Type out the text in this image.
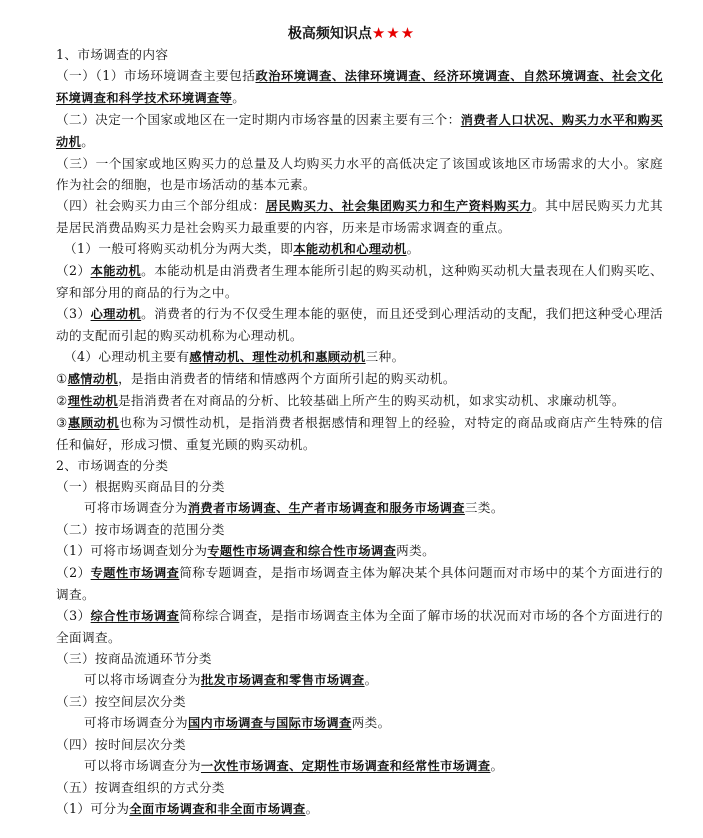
极高频知识点★★★
1、市场调查的内容
（一）（1）市场环境调查主要包括政治环境调查、法律环境调查、经济环境调查、自然环境调查、社会文化环境调查和科学技术环境调查等。
（二）决定一个国家或地区在一定时期内市场容量的因素主要有三个：消费者人口状况、购买力水平和购买动机。
（三）一个国家或地区购买力的总量及人均购买力水平的高低决定了该国或该地区市场需求的大小。家庭作为社会的细胞，也是市场活动的基本元素。
（四）社会购买力由三个部分组成：居民购买力、社会集团购买力和生产资料购买力。其中居民购买力尤其是居民消费品购买力是社会购买力最重要的内容，历来是市场需求调查的重点。
（1）一般可将购买动机分为两大类，即本能动机和心理动机。
（2）本能动机。本能动机是由消费者生理本能所引起的购买动机，这种购买动机大量表现在人们购买吃、穿和部分用的商品的行为之中。
（3）心理动机。消费者的行为不仅受生理本能的驱使，而且还受到心理活动的支配，我们把这种受心理活动的支配而引起的购买动机称为心理动机。
（4）心理动机主要有感情动机、理性动机和惠顾动机三种。
①感情动机，是指由消费者的情绪和情感两个方面所引起的购买动机。
②理性动机是指消费者在对商品的分析、比较基础上所产生的购买动机，如求实动机、求廉动机等。
③惠顾动机也称为习惯性动机，是指消费者根据感情和理智上的经验，对特定的商品或商店产生特殊的信任和偏好，形成习惯、重复光顾的购买动机。
2、市场调查的分类
（一）根据购买商品目的分类
可将市场调查分为消费者市场调查、生产者市场调查和服务市场调查三类。
（二）按市场调查的范围分类
（1）可将市场调查划分为专题性市场调查和综合性市场调查两类。
（2）专题性市场调查简称专题调查，是指市场调查主体为解决某个具体问题而对市场中的某个方面进行的调查。
（3）综合性市场调查简称综合调查，是指市场调查主体为全面了解市场的状况而对市场的各个方面进行的全面调查。
（三）按商品流通环节分类
可以将市场调查分为批发市场调查和零售市场调查。
（三）按空间层次分类
可将市场调查分为国内市场调查与国际市场调查两类。
（四）按时间层次分类
可以将市场调查分为一次性市场调查、定期性市场调查和经常性市场调查。
（五）按调查组织的方式分类
（1）可分为全面市场调查和非全面市场调查。
